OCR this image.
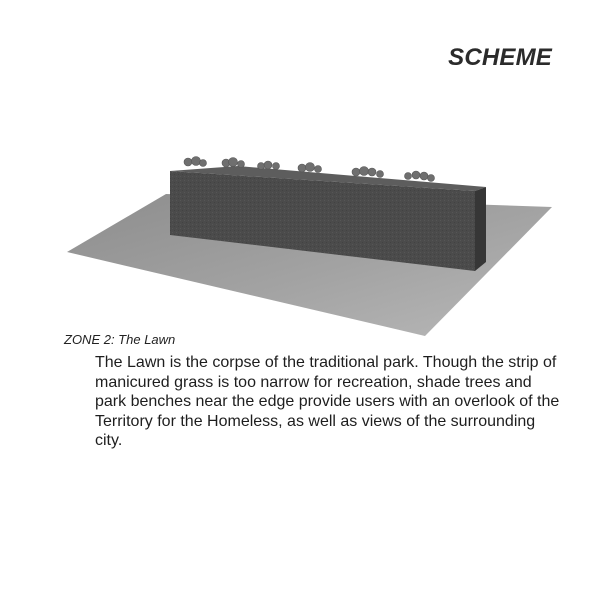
SCHEME
ZONE 2: The Lawn

The Lawn is the corpse of the traditional park. Though the strip of manicured grass is too narrow for recreation, shade trees and park benches near the edge provide users with an overlook of the Territory for the Homeless, as well as views of the surrounding city.
